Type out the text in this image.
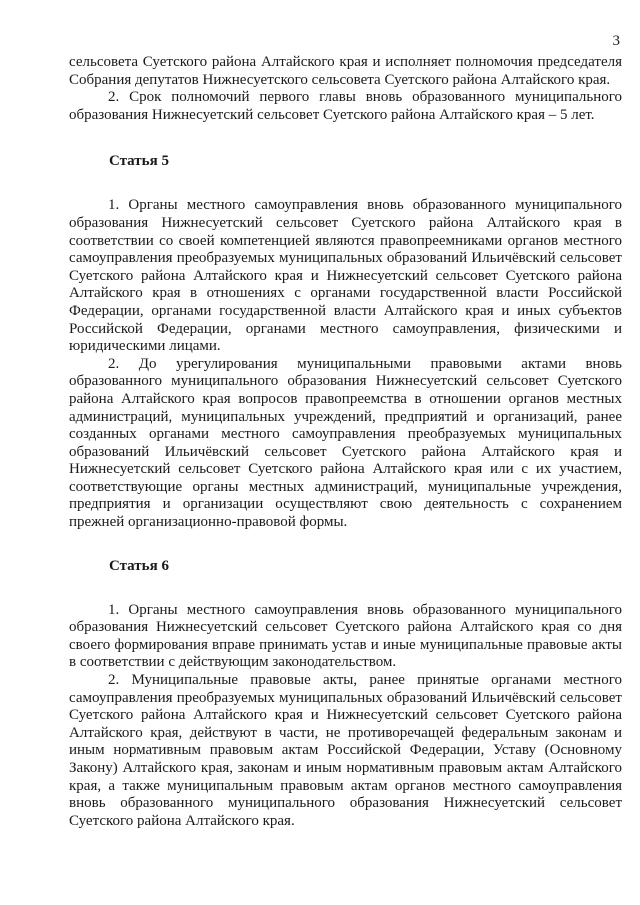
3

сельсовета Суетского района Алтайского края и исполняет полномочия председателя Собрания депутатов Нижнесуетского сельсовета Суетского района Алтайского края.

2. Срок полномочий первого главы вновь образованного муниципального образования Нижнесуетский сельсовет Суетского района Алтайского края – 5 лет.

Статья 5

1. Органы местного самоуправления вновь образованного муниципального образования Нижнесуетский сельсовет Суетского района Алтайского края в соответствии со своей компетенцией являются правопреемниками органов местного самоуправления преобразуемых муниципальных образований Ильичёвский сельсовет Суетского района Алтайского края и Нижнесуетский сельсовет Суетского района Алтайского края в отношениях с органами государственной власти Российской Федерации, органами государственной власти Алтайского края и иных субъектов Российской Федерации, органами местного самоуправления, физическими и юридическими лицами.

2. До урегулирования муниципальными правовыми актами вновь образованного муниципального образования Нижнесуетский сельсовет Суетского района Алтайского края вопросов правопреемства в отношении органов местных администраций, муниципальных учреждений, предприятий и организаций, ранее созданных органами местного самоуправления преобразуемых муниципальных образований Ильичёвский сельсовет Суетского района Алтайского края и Нижнесуетский сельсовет Суетского района Алтайского края или с их участием, соответствующие органы местных администраций, муниципальные учреждения, предприятия и организации осуществляют свою деятельность с сохранением прежней организационно-правовой формы.

Статья 6

1. Органы местного самоуправления вновь образованного муниципального образования Нижнесуетский сельсовет Суетского района Алтайского края со дня своего формирования вправе принимать устав и иные муниципальные правовые акты в соответствии с действующим законодательством.

2. Муниципальные правовые акты, ранее принятые органами местного самоуправления преобразуемых муниципальных образований Ильичёвский сельсовет Суетского района Алтайского края и Нижнесуетский сельсовет Суетского района Алтайского края, действуют в части, не противоречащей федеральным законам и иным нормативным правовым актам Российской Федерации, Уставу (Основному Закону) Алтайского края, законам и иным нормативным правовым актам Алтайского края, а также муниципальным правовым актам органов местного самоуправления вновь образованного муниципального образования Нижнесуетский сельсовет Суетского района Алтайского края.
